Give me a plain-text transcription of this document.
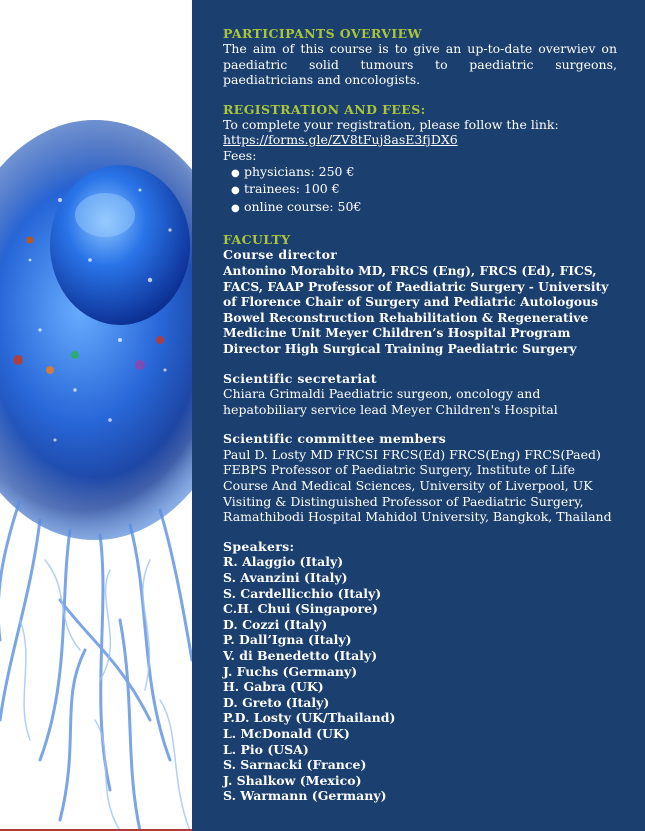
PARTICIPANTS OVERVIEW

The aim of this course is to give an up-to-date overwiev on paediatric solid tumours to paediatric surgeons, paediatricians and oncologists.

REGISTRATION AND FEES:

To complete your registration, please follow the link:

https://forms.gle/ZV8tFuj8asE3fjDX6

Fees:

● physicians: 250 €
● trainees: 100 €
● online course: 50€
FACULTY

Course director

Antonino Morabito MD, FRCS (Eng), FRCS (Ed), FICS, FACS, FAAP Professor of Paediatric Surgery - University of Florence Chair of Surgery and Pediatric Autologous Bowel Reconstruction Rehabilitation & Regenerative Medicine Unit Meyer Children’s Hospital Program Director High Surgical Training Paediatric Surgery

Scientific secretariat

Chiara Grimaldi Paediatric surgeon, oncology and hepatobiliary service lead Meyer Children's Hospital

Scientific committee members

Paul D. Losty MD FRCSI FRCS(Ed) FRCS(Eng) FRCS(Paed) FEBPS Professor of Paediatric Surgery, Institute of Life Course And Medical Sciences, University of Liverpool, UK Visiting & Distinguished Professor of Paediatric Surgery, Ramathibodi Hospital Mahidol University, Bangkok, Thailand

Speakers:

R. Alaggio (Italy)
S. Avanzini (Italy)
S. Cardellicchio (Italy)
C.H. Chui (Singapore)
D. Cozzi (Italy)
P. Dall’Igna (Italy)
V. di Benedetto (Italy)
J. Fuchs (Germany)
H. Gabra (UK)
D. Greto (Italy)
P.D. Losty (UK/Thailand)
L. McDonald (UK)
L. Pio (USA)
S. Sarnacki (France)
J. Shalkow (Mexico)
S. Warmann (Germany)
